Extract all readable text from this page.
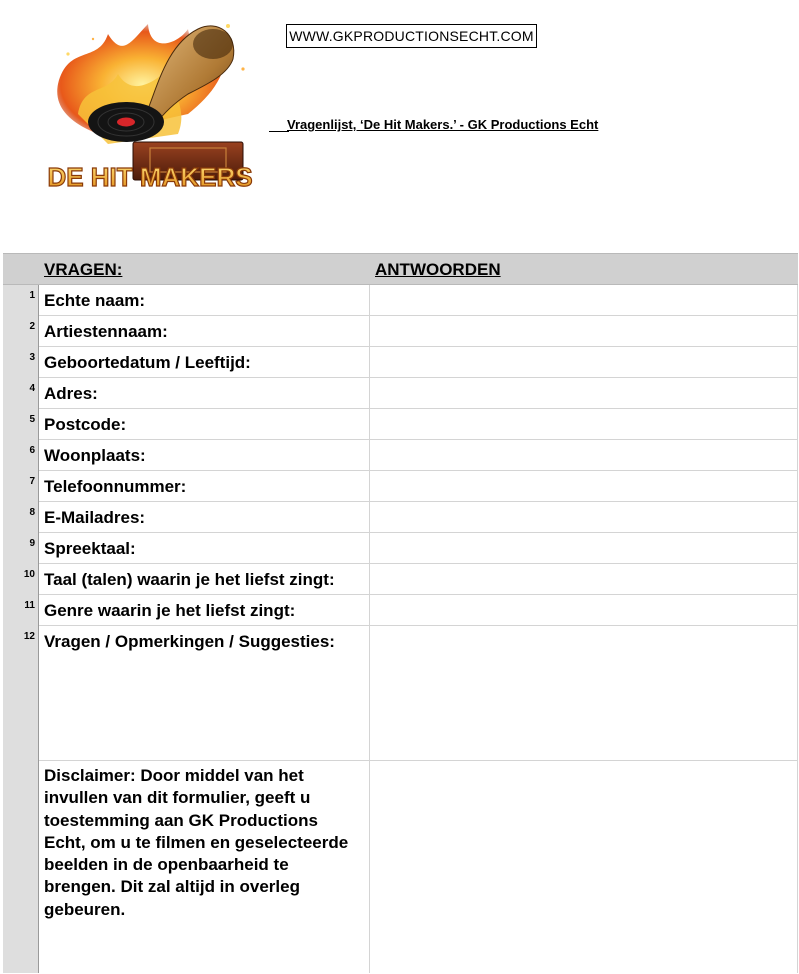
DE HIT MAKERS
WWW.GKPRODUCTIONSECHT.COM
Vragenlijst, ‘De Hit Makers.’ - GK Productions Echt
VRAGEN:	ANTWOORDEN
1 Echte naam:
2 Artiestennaam:
3 Geboortedatum / Leeftijd:
4 Adres:
5 Postcode:
6 Woonplaats:
7 Telefoonnummer:
8 E-Mailadres:
9 Spreektaal:
10 Taal (talen) waarin je het liefst zingt:
11 Genre waarin je het liefst zingt:
12 Vragen / Opmerkingen / Suggesties:
Disclaimer: Door middel van het invullen van dit formulier, geeft u toestemming aan GK Productions Echt, om u te filmen en geselecteerde beelden in de openbaarheid te brengen. Dit zal altijd in overleg gebeuren.
